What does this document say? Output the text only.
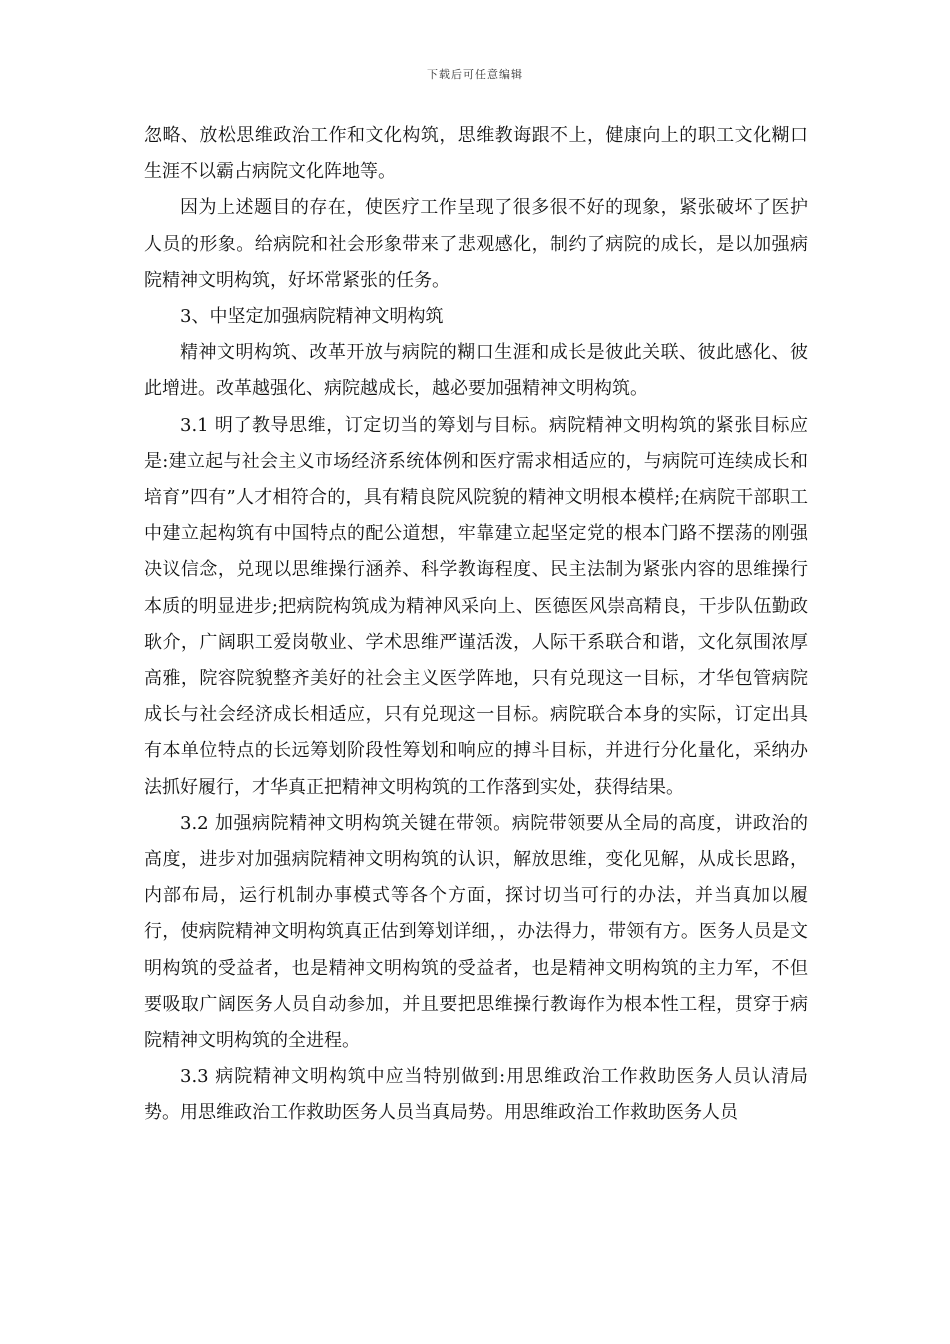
下载后可任意编辑

忽略、放松思维政治工作和文化构筑，思维教诲跟不上，健康向上的职工文化糊口生涯不以霸占病院文化阵地等。

因为上述题目的存在，使医疗工作呈现了很多很不好的现象，紧张破坏了医护人员的形象。给病院和社会形象带来了悲观感化，制约了病院的成长，是以加强病院精神文明构筑，好坏常紧张的任务。

3、中坚定加强病院精神文明构筑

精神文明构筑、改革开放与病院的糊口生涯和成长是彼此关联、彼此感化、彼此增进。改革越强化、病院越成长，越必要加强精神文明构筑。

3.1 明了教导思维，订定切当的筹划与目标。病院精神文明构筑的紧张目标应是:建立起与社会主义市场经济系统体例和医疗需求相适应的，与病院可连续成长和培育”四有”人才相符合的，具有精良院风院貌的精神文明根本模样;在病院干部职工中建立起构筑有中国特点的配公道想，牢靠建立起坚定党的根本门路不摆荡的刚强决议信念，兑现以思维操行涵养、科学教诲程度、民主法制为紧张内容的思维操行本质的明显进步;把病院构筑成为精神风采向上、医德医风崇高精良，干步队伍勤政耿介，广阔职工爱岗敬业、学术思维严谨活泼，人际干系联合和谐，文化氛围浓厚高雅，院容院貌整齐美好的社会主义医学阵地，只有兑现这一目标，才华包管病院成长与社会经济成长相适应，只有兑现这一目标。病院联合本身的实际，订定出具有本单位特点的长远筹划阶段性筹划和响应的搏斗目标，并进行分化量化，采纳办法抓好履行，才华真正把精神文明构筑的工作落到实处，获得结果。

3.2 加强病院精神文明构筑关键在带领。病院带领要从全局的高度，讲政治的高度，进步对加强病院精神文明构筑的认识，解放思维，变化见解，从成长思路，内部布局，运行机制办事模式等各个方面，探讨切当可行的办法，并当真加以履行，使病院精神文明构筑真正估到筹划详细，，办法得力，带领有方。医务人员是文明构筑的受益者，也是精神文明构筑的受益者，也是精神文明构筑的主力军，不但要吸取广阔医务人员自动参加，并且要把思维操行教诲作为根本性工程，贯穿于病院精神文明构筑的全进程。

3.3 病院精神文明构筑中应当特别做到:用思维政治工作救助医务人员认清局势。用思维政治工作救助医务人员当真局势。用思维政治工作救助医务人员
